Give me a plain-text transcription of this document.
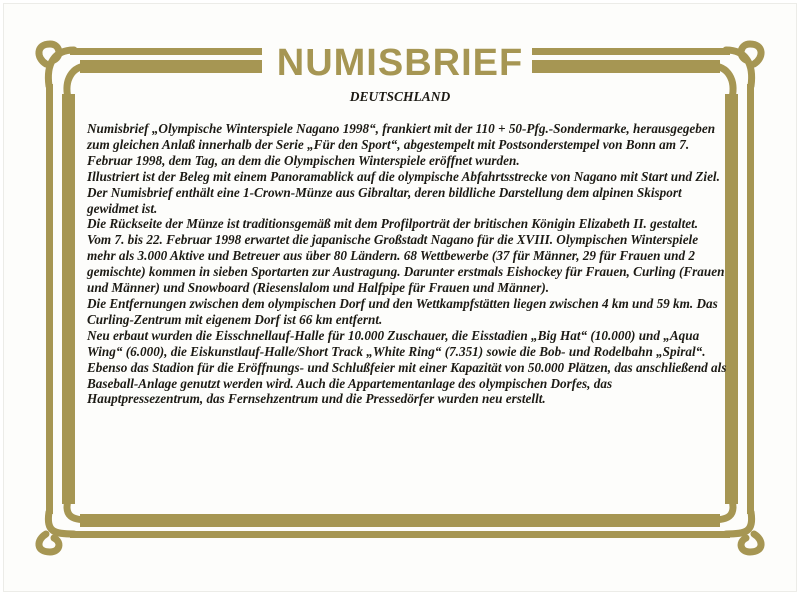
NUMISBRIEF
DEUTSCHLAND

Numisbrief „Olympische Winterspiele Nagano 1998“, frankiert mit der 110 + 50-Pfg.-Sondermarke, herausgegeben zum gleichen Anlaß innerhalb der Serie „Für den Sport“, abgestempelt mit Postsonderstempel von Bonn am 7. Februar 1998, dem Tag, an dem die Olympischen Winterspiele eröffnet wurden.

Illustriert ist der Beleg mit einem Panoramablick auf die olympische Abfahrtsstrecke von Nagano mit Start und Ziel.

Der Numisbrief enthält eine 1-Crown-Münze aus Gibraltar, deren bildliche Darstellung dem alpinen Skisport gewidmet ist.

Die Rückseite der Münze ist traditionsgemäß mit dem Profilporträt der britischen Königin Elizabeth II. gestaltet.

Vom 7. bis 22. Februar 1998 erwartet die japanische Großstadt Nagano für die XVIII. Olympischen Winterspiele mehr als 3.000 Aktive und Betreuer aus über 80 Ländern. 68 Wettbewerbe (37 für Männer, 29 für Frauen und 2 gemischte) kommen in sieben Sportarten zur Austragung. Darunter erstmals Eishockey für Frauen, Curling (Frauen und Männer) und Snowboard (Riesenslalom und Halfpipe für Frauen und Männer).

Die Entfernungen zwischen dem olympischen Dorf und den Wettkampfstätten liegen zwischen 4 km und 59 km. Das Curling-Zentrum mit eigenem Dorf ist 66 km entfernt.

Neu erbaut wurden die Eisschnellauf-Halle für 10.000 Zuschauer, die Eisstadien „Big Hat“ (10.000) und „Aqua Wing“ (6.000), die Eiskunstlauf-Halle/Short Track „White Ring“ (7.351) sowie die Bob- und Rodelbahn „Spiral“. Ebenso das Stadion für die Eröffnungs- und Schlußfeier mit einer Kapazität von 50.000 Plätzen, das anschließend als Baseball-Anlage genutzt werden wird. Auch die Appartementanlage des olympischen Dorfes, das Hauptpressezentrum, das Fernsehzentrum und die Pressedörfer wurden neu erstellt.
